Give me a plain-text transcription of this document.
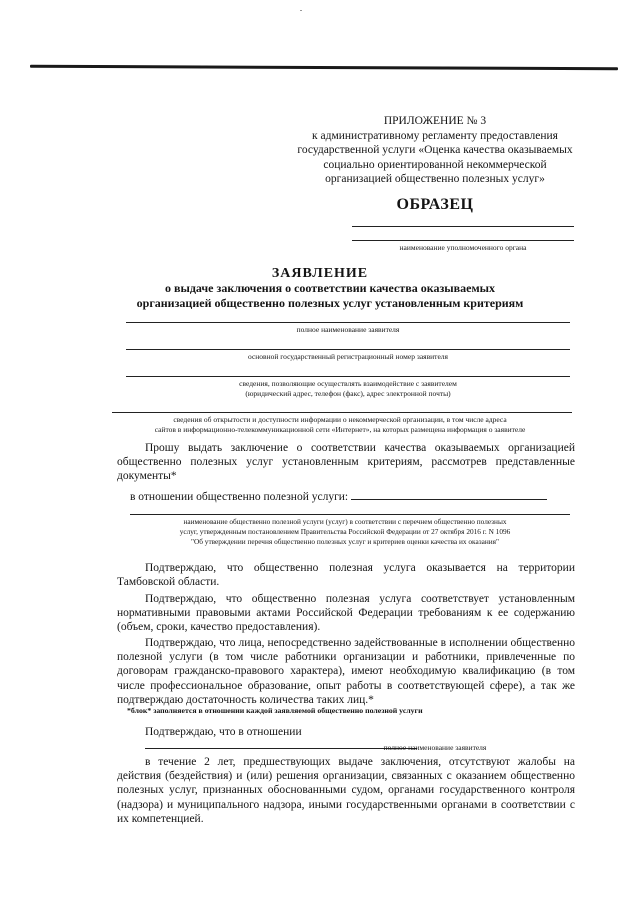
ПРИЛОЖЕНИЕ № 3
к административному регламенту предоставления
государственной услуги «Оценка качества оказываемых
социально ориентированной некоммерческой
организацией общественно полезных услуг»
ОБРАЗЕЦ
наименование уполномоченного органа
ЗАЯВЛЕНИЕ
о выдаче заключения о соответствии качества оказываемых
организацией общественно полезных услуг установленным критериям
полное наименование заявителя
основной государственный регистрационный номер заявителя
сведения, позволяющие осуществлять взаимодействие с заявителем
(юридический адрес, телефон (факс), адрес электронной почты)
сведения об открытости и доступности информации о некоммерческой организации, в том числе адреса
сайтов в информационно-телекоммуникационной сети «Интернет», на которых размещена информация о заявителе
Прошу выдать заключение о соответствии качества оказываемых организацией общественно полезных услуг установленным критериям, рассмотрев представленные документы*
в отношении общественно полезной услуги:
наименование общественно полезной услуги (услуг) в соответствии с перечнем общественно полезных
услуг, утвержденным постановлением Правительства Российской Федерации от 27 октября 2016 г. N 1096
"Об утверждении перечня общественно полезных услуг и критериев оценки качества их оказания"
Подтверждаю, что общественно полезная услуга оказывается на территории Тамбовской области.
Подтверждаю, что общественно полезная услуга соответствует установленным нормативными правовыми актами Российской Федерации требованиям к ее содержанию (объем, сроки, качество предоставления).
Подтверждаю, что лица, непосредственно задействованные в исполнении общественно полезной услуги (в том числе работники организации и работники, привлеченные по договорам гражданско-правового характера), имеют необходимую квалификацию (в том числе профессиональное образование, опыт работы в соответствующей сфере), а так же подтверждаю достаточность количества таких лиц.*
*блок* заполняется в отношении каждой заявляемой общественно полезной услуги
Подтверждаю, что в отношении
полное наименование заявителя
в течение 2 лет, предшествующих выдаче заключения, отсутствуют жалобы на действия (бездействия) и (или) решения организации, связанных с оказанием общественно полезных услуг, признанных обоснованными судом, органами государственного контроля (надзора) и муниципального надзора, иными государственными органами в соответствии с их компетенцией.
